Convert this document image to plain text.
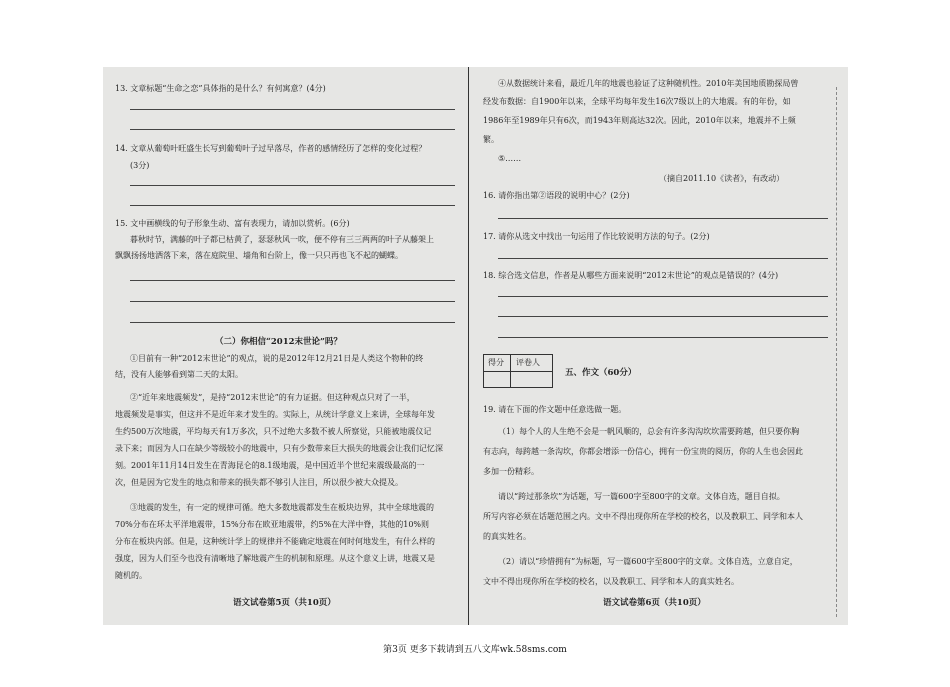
13. 文章标题“生命之恋”具体指的是什么？有何寓意？(4分)
14. 文章从葡萄叶旺盛生长写到葡萄叶子过早落尽，作者的感情经历了怎样的变化过程？
(3分)
15. 文中画横线的句子形象生动、富有表现力，请加以赏析。(6分)
暮秋时节，满藤的叶子都已枯黄了，瑟瑟秋风一吹，便不停有三三两两的叶子从藤架上
飘飘扬扬地洒落下来，落在庭院里、墙角和台阶上，像一只只再也飞不起的蝴蝶。
（二）你相信“2012末世论”吗？
①目前有一种“2012末世论”的观点，说的是2012年12月21日是人类这个物种的终
结，没有人能够看到第二天的太阳。
②“近年来地震频发”，是持“2012末世论”的有力证据。但这种观点只对了一半，
地震频发是事实，但这并不是近年来才发生的。实际上，从统计学意义上来讲，全球每年发
生约500万次地震，平均每天有1万多次，只不过绝大多数不被人所察觉，只能被地震仪记
录下来；而因为人口在缺少等级较小的地震中，只有少数带来巨大损失的地震会让我们记忆深
刻。2001年11月14日发生在青海昆仑的8.1级地震，是中国近半个世纪来震级最高的一
次，但是因为它发生的地点和带来的损失都不够引人注目，所以很少被大众提及。
③地震的发生，有一定的规律可循。绝大多数地震都发生在板块边界，其中全球地震的
70%分布在环太平洋地震带，15%分布在欧亚地震带，约5%在大洋中脊，其他的10%则
分布在板块内部。但是，这种统计学上的规律并不能确定地震在何时何地发生，有什么样的
强度，因为人们至今也没有清晰地了解地震产生的机制和原理。从这个意义上讲，地震又是
随机的。
语文试卷第5页（共10页）
④从数据统计来看，最近几年的地震也验证了这种随机性。2010年美国地质勘探局曾
经发布数据：自1900年以来，全球平均每年发生16次7级以上的大地震。有的年份，如
1986年至1989年只有6次，而1943年则高达32次。因此，2010年以来，地震并不上频
繁。
⑤……
（摘自2011.10《读者》，有改动）
16. 请你指出第②语段的说明中心？(2分)
17. 请你从选文中找出一句运用了作比较说明方法的句子。(2分)
18. 综合选文信息，作者是从哪些方面来说明“2012末世论”的观点是错误的？(4分)
得分 评卷人
五、作文（60分）
19. 请在下面的作文题中任意选做一题。
（1）每个人的人生绝不会是一帆风顺的，总会有许多沟沟坎坎需要跨越，但只要你胸
有志向，每跨越一条沟坎，你都会增添一份信心，拥有一份宝贵的阅历，你的人生也会因此
多加一份精彩。
请以“跨过那条坎”为话题，写一篇600字至800字的文章。文体自选，题目自拟。
所写内容必须在话题范围之内。文中不得出现你所在学校的校名，以及教职工、同学和本人
的真实姓名。
（2）请以“珍惜拥有”为标题，写一篇600字至800字的文章。文体自选，立意自定，
文中不得出现你所在学校的校名，以及教职工、同学和本人的真实姓名。
语文试卷第6页（共10页）
第3页 更多下载请到五八文库wk.58sms.com
